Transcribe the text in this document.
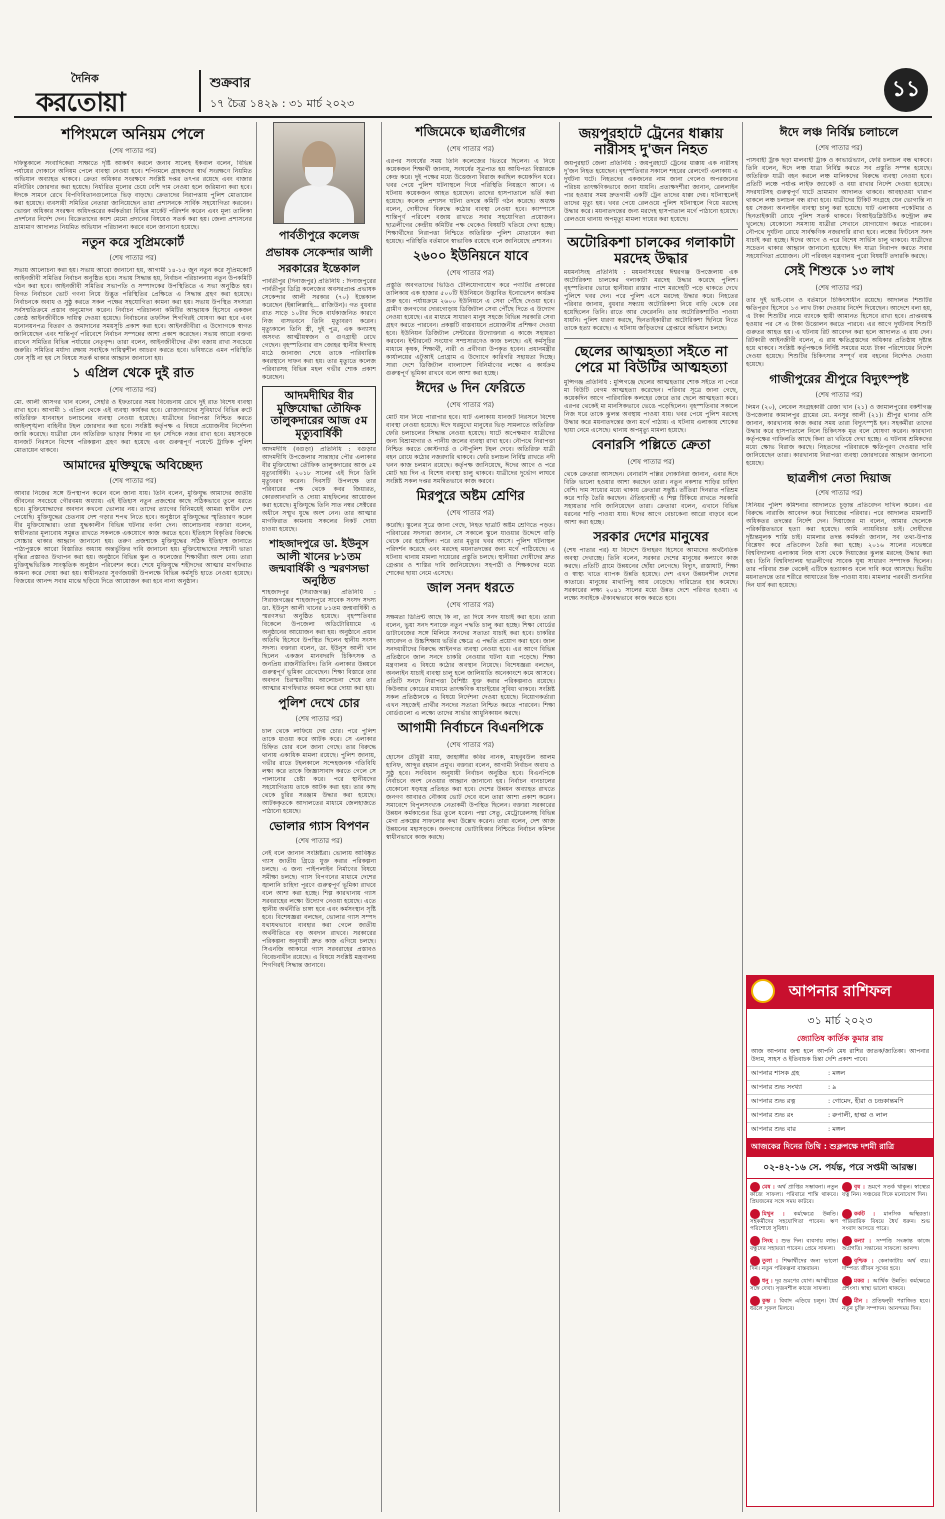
দৈনিক
করতোয়া
শুক্রবার
১৭ চৈত্র ১৪২৯ : ৩১ মার্চ ২০২৩
১১
শপিংমলে অনিয়ম পেলে
(শেষ পাতার পর)

দফিন্তুকালে সংবাদিকেরা সাক্ষাতে দৃষ্টি আকর্ষণ করলে জনাব সালেহ ইকবাল বলেন, বিভিন্ন পর্যায়ের দোকানে অনিয়ম পেলে ব্যবস্থা নেওয়া হবে। শপিংমলে গ্রাহকদের স্বার্থ সংরক্ষণে নিয়মিত অভিযান অব্যাহত থাকবে। ক্রেতা অধিকার সংরক্ষণে সংশ্লিষ্ট দপ্তর তৎপর রয়েছে এবং বাজার মনিটরিং জোরদার করা হয়েছে। নির্ধারিত মূল্যের চেয়ে বেশি দাম নেওয়া হলে জরিমানা করা হবে। ঈদকে সামনে রেখে বিপণিবিতানগুলোতে ভিড় বাড়ছে। ক্রেতাদের নিরাপত্তায় পুলিশ মোতায়েন করা হয়েছে। ব্যবসায়ী সমিতির নেতারা জানিয়েছেন তারা প্রশাসনকে সার্বিক সহযোগিতা করবেন। ভোক্তা অধিকার সংরক্ষণ অধিদপ্তরের কর্মকর্তারা বিভিন্ন মার্কেট পরিদর্শন করেন এবং মূল্য তালিকা প্রদর্শনের নির্দেশ দেন। বিক্রেতাদের ক্যাশ মেমো প্রদানের বিষয়েও সতর্ক করা হয়। জেলা প্রশাসনের ভ্রাম্যমাণ আদালত নিয়মিত অভিযান পরিচালনা করবে বলে জানানো হয়েছে।

নতুন করে সুপ্রিমকোর্ট
(শেষ পাতার পর)

সভায় আলোচনা করা হয়। সভায় আরো জানানো হয়, আগামী ১৪-১৫ জুন নতুন করে সুপ্রিমকোর্ট আইনজীবী সমিতির নির্বাচন অনুষ্ঠিত হবে। সভায় সিদ্ধান্ত হয়, নির্বাচন পরিচালনায় নতুন উপকমিটি গঠন করা হবে। আইনজীবী সমিতির সভাপতি ও সম্পাদকের উপস্থিতিতে এ সভা অনুষ্ঠিত হয়। বিগত নির্বাচনে ভোট গণনা নিয়ে উদ্ভূত পরিস্থিতির প্রেক্ষিতে এ সিদ্ধান্ত গ্রহণ করা হয়েছে। নির্বাচনকে অবাধ ও সুষ্ঠু করতে সকল পক্ষের সহযোগিতা কামনা করা হয়। সভায় উপস্থিত সদস্যরা সর্বসম্মতিক্রমে প্রস্তাব অনুমোদন করেন। নির্বাচন পরিচালনা কমিটির আহ্বায়ক হিসেবে একজন জ্যেষ্ঠ আইনজীবীকে দায়িত্ব দেওয়া হয়েছে। নির্বাচনের তফসিল শিগগিরই ঘোষণা করা হবে এবং মনোনয়নপত্র বিতরণ ও জমাদানের সময়সূচি প্রকাশ করা হবে। আইনজীবীরা এ উদ্যোগকে স্বাগত জানিয়েছেন এবং শান্তিপূর্ণ পরিবেশে নির্বাচন সম্পন্নের আশা প্রকাশ করেছেন। সভায় আরো বক্তব্য রাখেন সমিতির বিভিন্ন পর্যায়ের নেতৃবৃন্দ। তারা বলেন, আইনজীবীদের ঐক্য বজায় রাখা সবচেয়ে জরুরি। সমিতির মর্যাদা রক্ষায় সবাইকে দায়িত্বশীল আচরণ করতে হবে। ভবিষ্যতে এমন পরিস্থিতি যেন সৃষ্টি না হয় সে বিষয়ে সতর্ক থাকার আহ্বান জানানো হয়।

১ এপ্রিল থেকে দুই রাত
(শেষ পাতার পর)

মো. আলী আসগর খান বলেন, সেহরি ও ইফতারের সময় বিবেচনায় রেখে দুই রাত বিশেষ ব্যবস্থা রাখা হবে। আগামী ১ এপ্রিল থেকে এই ব্যবস্থা কার্যকর হবে। রোজাদারদের সুবিধার্থে বিভিন্ন রুটে অতিরিক্ত যানবাহন চলাচলের ব্যবস্থা নেওয়া হয়েছে। যাত্রীদের নিরাপত্তা নিশ্চিত করতে আইনশৃঙ্খলা বাহিনীর টহল জোরদার করা হবে। সংশ্লিষ্ট কর্তৃপক্ষ এ বিষয়ে প্রয়োজনীয় নির্দেশনা জারি করেছে। যাত্রীরা যেন অতিরিক্ত ভাড়ার শিকার না হন সেদিকে নজর রাখা হবে। মহাসড়কে যানজট নিরসনে বিশেষ পরিকল্পনা গ্রহণ করা হয়েছে এবং গুরুত্বপূর্ণ পয়েন্টে ট্রাফিক পুলিশ মোতায়েন থাকবে।

আমাদের মুক্তিযুদ্ধে অবিচ্ছেদ্য
(শেষ পাতার পর)

আবার নিজের সঙ্গে উপস্থাপন করেন বলে জানা যায়। তিনি বলেন, মুক্তিযুদ্ধ আমাদের জাতীয় জীবনের সবচেয়ে গৌরবময় অধ্যায়। এই ইতিহাস নতুন প্রজন্মের কাছে সঠিকভাবে তুলে ধরতে হবে। মুক্তিযোদ্ধাদের অবদান কখনো ভোলার নয়। তাদের ত্যাগের বিনিময়েই আমরা স্বাধীন দেশ পেয়েছি। মুক্তিযুদ্ধের চেতনায় দেশ গড়ার শপথ নিতে হবে। অনুষ্ঠানে মুক্তিযুদ্ধের স্মৃতিচারণ করেন বীর মুক্তিযোদ্ধারা। তারা যুদ্ধকালীন বিভিন্ন ঘটনার বর্ণনা দেন। আলোচনায় বক্তারা বলেন, স্বাধীনতার মূল্যবোধ সমুন্নত রাখতে সকলকে একযোগে কাজ করতে হবে। ইতিহাস বিকৃতির বিরুদ্ধে সোচ্চার থাকার আহ্বান জানানো হয়। তরুণ প্রজন্মকে মুক্তিযুদ্ধের সঠিক ইতিহাস জানাতে পাঠ্যপুস্তকে আরো বিস্তারিত অধ্যায় অন্তর্ভুক্তির দাবি জানানো হয়। মুক্তিযোদ্ধাদের সম্মানী ভাতা বৃদ্ধির প্রস্তাবও উত্থাপন করা হয়। অনুষ্ঠানে বিভিন্ন স্কুল ও কলেজের শিক্ষার্থীরা অংশ নেয়। তারা মুক্তিযুদ্ধভিত্তিক সাংস্কৃতিক অনুষ্ঠান পরিবেশন করে। শেষে মুক্তিযুদ্ধে শহীদদের আত্মার মাগফিরাত কামনা করে দোয়া করা হয়। স্বাধীনতার সুবর্ণজয়ন্তী উপলক্ষে বিভিন্ন কর্মসূচি হাতে নেওয়া হয়েছে। বিজয়ের আনন্দ সবার মাঝে ছড়িয়ে দিতে আয়োজন করা হবে নানা অনুষ্ঠান।

পার্বতীপুরে কলেজ
প্রভাষক সেকেন্দার আলী
সরকারের ইন্তেকাল

পার্বতীপুর (দিনাজপুর) প্রতিনিধি : দিনাজপুরের পার্বতীপুর ডিগ্রি কলেজের অবসরপ্রাপ্ত প্রভাষক সেকেন্দার আলী সরকার (৭০) ইন্তেকাল করেছেন (ইন্নালিল্লাহি... রাজিউন)। গত বুধবার রাত সাড়ে ১০টার দিকে বার্ধক্যজনিত কারণে নিজ বাসভবনে তিনি মৃত্যুবরণ করেন। মৃত্যুকালে তিনি স্ত্রী, দুই পুত্র, এক কন্যাসহ অসংখ্য আত্মীয়স্বজন ও গুণগ্রাহী রেখে গেছেন। বৃহস্পতিবার বাদ জোহর স্থানীয় ঈদগাহ মাঠে জানাজা শেষে তাকে পারিবারিক কবরস্থানে দাফন করা হয়। তার মৃত্যুতে কলেজ পরিবারসহ বিভিন্ন মহল গভীর শোক প্রকাশ করেছেন।

আদমদীঘির বীর মুক্তিযোদ্ধা তৌফিক তালুকদারের আজ ৫ম মৃত্যুবার্ষিকী

আদমদীঘি (বগুড়া) প্রতিনিধি : বগুড়ার আদমদীঘি উপজেলার সান্তাহার পৌর এলাকার বীর মুক্তিযোদ্ধা তৌফিক তালুকদারের আজ ৫ম মৃত্যুবার্ষিকী। ২০১৮ সালের এই দিনে তিনি মৃত্যুবরণ করেন। দিবসটি উপলক্ষে তার পরিবারের পক্ষ থেকে কবর জিয়ারত, কোরআনখানি ও দোয়া মাহফিলের আয়োজন করা হয়েছে। মুক্তিযুদ্ধে তিনি সাত নম্বর সেক্টরের অধীনে সম্মুখ যুদ্ধে অংশ নেন। তার আত্মার মাগফিরাত কামনায় সকলের নিকট দোয়া চাওয়া হয়েছে।

শাহজাদপুরে ডা. ইউনুস আলী খানের ৮১তম জন্মবার্ষিকী ও স্মরণসভা অনুষ্ঠিত

শাহজাদপুর (সিরাজগঞ্জ) প্রতিনিধি : সিরাজগঞ্জের শাহজাদপুরে সাবেক সংসদ সদস্য ডা. ইউনুস আলী খানের ৮১তম জন্মবার্ষিকী ও স্মরণসভা অনুষ্ঠিত হয়েছে। বৃহস্পতিবার বিকেলে উপজেলা অডিটোরিয়ামে এ অনুষ্ঠানের আয়োজন করা হয়। অনুষ্ঠানে প্রধান অতিথি হিসেবে উপস্থিত ছিলেন স্থানীয় সংসদ সদস্য। বক্তারা বলেন, ডা. ইউনুস আলী খান ছিলেন একজন মানবদরদি চিকিৎসক ও জনপ্রিয় রাজনীতিবিদ। তিনি এলাকার উন্নয়নে গুরুত্বপূর্ণ ভূমিকা রেখেছেন। শিক্ষা বিস্তারে তার অবদান চিরস্মরণীয়। আলোচনা শেষে তার আত্মার মাগফিরাত কামনা করে দোয়া করা হয়।

পুলিশ দেখে চোর
(শেষ পাতার পর)

চাল থেকে লাফিয়ে দেয় চোর। পরে পুলিশ তাকে ধাওয়া করে আটক করে। সে এলাকার চিহ্নিত চোর বলে জানা গেছে। তার বিরুদ্ধে থানায় একাধিক মামলা রয়েছে। পুলিশ জানায়, গভীর রাতে টহলকালে সন্দেহজনক গতিবিধি লক্ষ্য করে তাকে জিজ্ঞাসাবাদ করতে গেলে সে পালানোর চেষ্টা করে। পরে স্থানীয়দের সহযোগিতায় তাকে আটক করা হয়। তার কাছ থেকে চুরির সরঞ্জাম উদ্ধার করা হয়েছে। আটককৃতকে আদালতের মাধ্যমে জেলহাজতে পাঠানো হয়েছে।

ভোলার গ্যাস বিপণন
(শেষ পাতার পর)

নেই বলে জানান সংশ্লিষ্টরা। ভোলায় আবিষ্কৃত গ্যাস জাতীয় গ্রিডে যুক্ত করার পরিকল্পনা চলছে। এ জন্য পাইপলাইন নির্মাণের বিষয়ে সমীক্ষা চলছে। গ্যাস বিপণনের মাধ্যমে দেশের জ্বালানি চাহিদা পূরণে গুরুত্বপূর্ণ ভূমিকা রাখবে বলে আশা করা হচ্ছে। শিল্প কারখানায় গ্যাস সরবরাহের লক্ষ্যে উদ্যোগ নেওয়া হয়েছে। এতে স্থানীয় অর্থনীতি চাঙ্গা হবে এবং কর্মসংস্থান সৃষ্টি হবে। বিশেষজ্ঞরা বলছেন, ভোলার গ্যাস সম্পদ যথাযথভাবে ব্যবহার করা গেলে জাতীয় অর্থনীতিতে বড় অবদান রাখবে। সরকারের পরিকল্পনা অনুযায়ী দ্রুত কাজ এগিয়ে চলছে। সিএনজি আকারে গ্যাস সরবরাহের প্রস্তাবও বিবেচনাধীন রয়েছে। এ বিষয়ে সংশ্লিষ্ট মন্ত্রণালয় শিগগিরই সিদ্ধান্ত জানাবে।

শজিমেকে ছাত্রলীগের
(শেষ পাতার পর)

এরপর সংঘর্ষের সময় তিনি কলেজের ভিতরে ছিলেন। এ নিয়ে কয়েকজন শিক্ষার্থী জানায়, সংঘর্ষের সূত্রপাত হয় আধিপত্য বিস্তারকে কেন্দ্র করে। দুই পক্ষের মধ্যে উত্তেজনা বিরাজ করছিল কয়েকদিন ধরে। খবর পেয়ে পুলিশ ঘটনাস্থলে গিয়ে পরিস্থিতি নিয়ন্ত্রণে আনে। এ ঘটনায় কয়েকজন আহত হয়েছেন। তাদের হাসপাতালে ভর্তি করা হয়েছে। কলেজ প্রশাসন ঘটনা তদন্তে কমিটি গঠন করেছে। অধ্যক্ষ বলেন, দোষীদের বিরুদ্ধে কঠোর ব্যবস্থা নেওয়া হবে। ক্যাম্পাসে শান্তিপূর্ণ পরিবেশ বজায় রাখতে সবার সহযোগিতা প্রয়োজন। ছাত্রলীগের কেন্দ্রীয় কমিটির পক্ষ থেকেও বিষয়টি খতিয়ে দেখা হচ্ছে। শিক্ষার্থীদের নিরাপত্তা নিশ্চিতে অতিরিক্ত পুলিশ মোতায়েন করা হয়েছে। পরিস্থিতি বর্তমানে স্বাভাবিক রয়েছে বলে জানিয়েছে প্রশাসন।

২৬০০ ইউনিয়নে যাবে
(শেষ পাতার পর)

প্রস্তুতি অবগতাদের ভিডিও টেলিযোগাযোগ করে পণ্যটির প্রকারের তালিকায় এক হাজার ৫০০টি ইউনিয়নে উদ্ভাবিত ইনোভেশন কার্যক্রম শুরু হবে। পর্যায়ক্রমে ২৬০০ ইউনিয়নে এ সেবা পৌঁছে দেওয়া হবে। গ্রামীণ জনগণের দোরগোড়ায় ডিজিটাল সেবা পৌঁছে দিতে এ উদ্যোগ নেওয়া হয়েছে। এর মাধ্যমে সাধারণ মানুষ সহজে বিভিন্ন সরকারি সেবা গ্রহণ করতে পারবেন। প্রকল্পটি বাস্তবায়নে প্রয়োজনীয় প্রশিক্ষণ দেওয়া হবে। ইউনিয়ন ডিজিটাল সেন্টারের উদ্যোক্তারা এ কাজে সহায়তা করবেন। ইন্টারনেট সংযোগ সম্প্রসারণেও কাজ চলছে। এই কর্মসূচির মাধ্যমে কৃষক, শিক্ষার্থী, নারী ও প্রবীণরা উপকৃত হবেন। প্রধানমন্ত্রীর কার্যালয়ের এটুআই প্রোগ্রাম এ উদ্যোগে কারিগরি সহায়তা দিচ্ছে। সারা দেশে ডিজিটাল বাংলাদেশ বিনির্মাণের লক্ষ্যে এ কার্যক্রম গুরুত্বপূর্ণ ভূমিকা রাখবে বলে আশা করা হচ্ছে।

ঈদের ৬ দিন ফেরিতে
(শেষ পাতার পর)

মোট যান নিয়ে পারাপার হবে। ঘাট এলাকায় যানজট নিরসনে বিশেষ ব্যবস্থা নেওয়া হয়েছে। ঈদে ঘরমুখো মানুষের ভিড় সামলাতে অতিরিক্ত ফেরি চলাচলের সিদ্ধান্ত নেওয়া হয়েছে। ঘাটে অপেক্ষমাণ যাত্রীদের জন্য বিশ্রামাগার ও পানীয় জলের ব্যবস্থা রাখা হবে। নৌপথে নিরাপত্তা নিশ্চিত করতে কোস্টগার্ড ও নৌপুলিশ টহল দেবে। অতিরিক্ত যাত্রী বহন রোধে কঠোর নজরদারি থাকবে। ফেরি চলাচল নির্বিঘ্ন রাখতে নদী খনন কাজ চলমান রয়েছে। কর্তৃপক্ষ জানিয়েছে, ঈদের আগে ও পরে মোট ছয় দিন এ বিশেষ ব্যবস্থা চালু থাকবে। যাত্রীদের দুর্ভোগ লাঘবে সংশ্লিষ্ট সকল দপ্তর সমন্বিতভাবে কাজ করবে।

মিরপুরে অষ্টম শ্রেণির
(শেষ পাতার পর)

করেছি। স্কুলের সূত্রে জানা গেছে, নিহত ছাত্রটি অষ্টম শ্রেণিতে পড়ত। পরিবারের সদস্যরা জানান, সে সকালে স্কুলে যাওয়ার উদ্দেশে বাড়ি থেকে বের হয়েছিল। পরে তার মৃত্যুর খবর আসে। পুলিশ ঘটনাস্থল পরিদর্শন করেছে এবং মরদেহ ময়নাতদন্তের জন্য মর্গে পাঠিয়েছে। এ ঘটনায় থানায় মামলা দায়েরের প্রস্তুতি চলছে। স্থানীয়রা দোষীদের দ্রুত গ্রেপ্তার ও শাস্তির দাবি জানিয়েছেন। সহপাঠী ও শিক্ষকদের মধ্যে শোকের ছায়া নেমে এসেছে।

জাল সনদ ধরতে
(শেষ পাতার পর)

সক্ষমতা ডিপ্রিন্ট আছে কি না, তা দিয়ে সনদ যাচাই করা হবে। তারা বলেন, ভুয়া সনদ শনাক্তে নতুন পদ্ধতি চালু করা হচ্ছে। শিক্ষা বোর্ডের ডাটাবেজের সঙ্গে মিলিয়ে সনদের সত্যতা যাচাই করা হবে। চাকরির আবেদন ও উচ্চশিক্ষায় ভর্তির ক্ষেত্রে এ পদ্ধতি প্রয়োগ করা হবে। জাল সনদধারীদের বিরুদ্ধে আইনগত ব্যবস্থা নেওয়া হবে। এর আগে বিভিন্ন প্রতিষ্ঠানে জাল সনদে চাকরি নেওয়ার ঘটনা ধরা পড়েছে। শিক্ষা মন্ত্রণালয় এ বিষয়ে কঠোর অবস্থান নিয়েছে। বিশেষজ্ঞরা বলছেন, অনলাইন যাচাই ব্যবস্থা চালু হলে জালিয়াতি অনেকাংশে কমে আসবে। প্রতিটি সনদে নিরাপত্তা বৈশিষ্ট্য যুক্ত করার পরিকল্পনাও রয়েছে। কিউআর কোডের মাধ্যমে তাৎক্ষণিক যাচাইয়ের সুবিধা থাকবে। সংশ্লিষ্ট সকল প্রতিষ্ঠানকে এ বিষয়ে নির্দেশনা দেওয়া হয়েছে। নিয়োগকর্তারা এখন সহজেই প্রার্থীর সনদের সত্যতা নিশ্চিত করতে পারবেন। শিক্ষা বোর্ডগুলো এ লক্ষ্যে তাদের সার্ভার আধুনিকায়ন করছে।

আগামী নির্বাচনে বিএনপিকে
(শেষ পাতার পর)

হোসেন চৌধুরী মায়া, জাহাঙ্গীর কবির নানক, মাহবুবউল আলম হানিফ, আব্দুর রহমান প্রমুখ। বক্তারা বলেন, আগামী নির্বাচন অবাধ ও সুষ্ঠু হবে। সংবিধান অনুযায়ী নির্বাচন অনুষ্ঠিত হবে। বিএনপিকে নির্বাচনে অংশ নেওয়ার আহ্বান জানানো হয়। নির্বাচন বানচালের যেকোনো ষড়যন্ত্র প্রতিহত করা হবে। দেশের উন্নয়ন অব্যাহত রাখতে জনগণ আবারও নৌকায় ভোট দেবে বলে তারা আশা প্রকাশ করেন। সমাবেশে বিপুলসংখ্যক নেতাকর্মী উপস্থিত ছিলেন। বক্তারা সরকারের উন্নয়ন কর্মকাণ্ডের চিত্র তুলে ধরেন। পদ্মা সেতু, মেট্রোরেলসহ বিভিন্ন মেগা প্রকল্পের সাফল্যের কথা উল্লেখ করেন। তারা বলেন, দেশ আজ উন্নয়নের মহাসড়কে। জনগণের ভোটাধিকার নিশ্চিতে নির্বাচন কমিশন স্বাধীনভাবে কাজ করছে।

জয়পুরহাটে ট্রেনের ধাক্কায় নারীসহ দু'জন নিহত

জয়পুরহাট জেলা প্রতিনিধি : জয়পুরহাটে ট্রেনের ধাক্কায় এক নারীসহ দু'জন নিহত হয়েছেন। বৃহস্পতিবার সকালে শহরের রেলগেট এলাকায় এ দুর্ঘটনা ঘটে। নিহতদের একজনের নাম জানা গেলেও অপরজনের পরিচয় তাৎক্ষণিকভাবে জানা যায়নি। প্রত্যক্ষদর্শীরা জানান, রেললাইন পার হওয়ার সময় দ্রুতগামী একটি ট্রেন তাদের ধাক্কা দেয়। ঘটনাস্থলেই তাদের মৃত্যু হয়। খবর পেয়ে রেলওয়ে পুলিশ ঘটনাস্থলে গিয়ে মরদেহ উদ্ধার করে। ময়নাতদন্তের জন্য মরদেহ হাসপাতাল মর্গে পাঠানো হয়েছে। রেলওয়ে থানায় অপমৃত্যু মামলা দায়ের করা হয়েছে।

অটোরিকশা চালকের গলাকাটা মরদেহ উদ্ধার

ময়মনসিংহ প্রতিনিধি : ময়মনসিংহের ঈশ্বরগঞ্জ উপজেলায় এক অটোরিকশা চালকের গলাকাটা মরদেহ উদ্ধার করেছে পুলিশ। বৃহস্পতিবার ভোরে স্থানীয়রা রাস্তার পাশে মরদেহটি পড়ে থাকতে দেখে পুলিশে খবর দেন। পরে পুলিশ এসে মরদেহ উদ্ধার করে। নিহতের পরিবার জানায়, বুধবার সন্ধ্যায় অটোরিকশা নিয়ে বাড়ি থেকে বের হয়েছিলেন তিনি। রাতে আর ফেরেননি। তার অটোরিকশাটিও পাওয়া যায়নি। পুলিশ ধারণা করছে, ছিনতাইকারীরা অটোরিকশা ছিনিয়ে নিতে তাকে হত্যা করেছে। এ ঘটনায় জড়িতদের গ্রেপ্তারে অভিযান চলছে।

ছেলের আত্মহত্যা সইতে না পেরে মা বিউটির আত্মহত্যা

মুন্সিগঞ্জ প্রতিনিধি : মুন্সিগঞ্জে ছেলের আত্মহত্যার শোক সইতে না পেরে মা বিউটি বেগম আত্মহত্যা করেছেন। পরিবার সূত্রে জানা গেছে, কয়েকদিন আগে পারিবারিক কলহের জেরে তার ছেলে আত্মহত্যা করে। এরপর থেকেই মা মানসিকভাবে ভেঙে পড়েছিলেন। বৃহস্পতিবার সকালে নিজ ঘরে তাকে ঝুলন্ত অবস্থায় পাওয়া যায়। খবর পেয়ে পুলিশ মরদেহ উদ্ধার করে ময়নাতদন্তের জন্য মর্গে পাঠায়। এ ঘটনায় এলাকায় শোকের ছায়া নেমে এসেছে। থানায় অপমৃত্যু মামলা হয়েছে।

বেনারসি পল্লিতে ক্রেতা
(শেষ পাতার পর)

থেকে ক্রেতারা আসছেন। বেনারসি পল্লির দোকানিরা জানান, এবার ঈদে বিক্রি ভালো হওয়ার আশা করছেন তারা। নতুন নকশার শাড়ির চাহিদা বেশি। দাম সাধ্যের মধ্যে থাকায় ক্রেতারা সন্তুষ্ট। তাঁতিরা দিনরাত পরিশ্রম করে শাড়ি তৈরি করছেন। ঐতিহ্যবাহী এ শিল্প টিকিয়ে রাখতে সরকারি সহায়তার দাবি জানিয়েছেন তারা। ক্রেতারা বলেন, এখানে বিভিন্ন ধরনের শাড়ি পাওয়া যায়। ঈদের আগে বেচাকেনা আরো বাড়বে বলে আশা করা হচ্ছে।

সরকার দেশের মানুষের

(শেষ পাতার পর) যা বিদেশে উদাহরণ হিসেবে আমাদের অর্থনৈতিক অবস্থা দেখাচ্ছে। তিনি বলেন, সরকার দেশের মানুষের কল্যাণে কাজ করছে। প্রতিটি গ্রামে উন্নয়নের ছোঁয়া লেগেছে। বিদ্যুৎ, রাস্তাঘাট, শিক্ষা ও স্বাস্থ্য খাতে ব্যাপক উন্নতি হয়েছে। দেশ এখন উন্নয়নশীল দেশের কাতারে। মানুষের মাথাপিছু আয় বেড়েছে। দারিদ্র্যের হার কমেছে। সরকারের লক্ষ্য ২০৪১ সালের মধ্যে উন্নত দেশে পরিণত হওয়া। এ লক্ষ্যে সবাইকে ঐক্যবদ্ধভাবে কাজ করতে হবে।

ঈদে লঞ্চ নির্বিঘ্ন চলাচলে
(শেষ পাতার পর)

পাসবাহী ট্রাক ছড়া মালবাহী ট্রাক ও কাভার্ডভ্যান, ফেরি চলাচল বন্ধ থাকবে। তিনি বলেন, ঈদে লঞ্চ যাত্রা নির্বিঘ্ন করতে সব প্রস্তুতি সম্পন্ন হয়েছে। অতিরিক্ত যাত্রী বহন করলে লঞ্চ মালিকদের বিরুদ্ধে ব্যবস্থা নেওয়া হবে। প্রতিটি লঞ্চে পর্যাপ্ত লাইফ জ্যাকেট ও বয়া রাখার নির্দেশ দেওয়া হয়েছে। সদরঘাটসহ গুরুত্বপূর্ণ ঘাটে ভ্রাম্যমাণ আদালত থাকবে। আবহাওয়া খারাপ থাকলে লঞ্চ চলাচল বন্ধ রাখা হবে। যাত্রীদের টিকিট সংগ্রহে যেন ভোগান্তি না হয় সেজন্য অনলাইন ব্যবস্থা চালু করা হয়েছে। ঘাট এলাকায় পকেটমার ও ছিনতাইকারী রোধে পুলিশ সতর্ক থাকবে। বিআইডব্লিউটিএ কন্ট্রোল রুম খুলেছে। যেকোনো সমস্যায় যাত্রীরা সেখানে যোগাযোগ করতে পারবেন। নৌপথে দুর্ঘটনা রোধে সার্বক্ষণিক নজরদারি রাখা হবে। লঞ্চের ফিটনেস সনদ যাচাই করা হচ্ছে। ঈদের আগে ও পরে বিশেষ সার্ভিস চালু থাকবে। যাত্রীদের সচেতন থাকার আহ্বান জানানো হয়েছে। ঈদ যাত্রা নিরাপদ করতে সবার সহযোগিতা প্রয়োজন। নৌ পরিবহন মন্ত্রণালয় পুরো বিষয়টি তদারকি করছে।

সেই শিশুকে ১৩ লাখ
(শেষ পাতার পর)

তার দুই ভাই-বোন ও বর্তমানে চিকিৎসাধীন রয়েছে। আদালত শিশুটির ক্ষতিপূরণ হিসেবে ১৩ লাখ টাকা দেওয়ার নির্দেশ দিয়েছেন। আদেশে বলা হয়, এ টাকা শিশুটির নামে ব্যাংকে স্থায়ী আমানত হিসেবে রাখা হবে। প্রাপ্তবয়স্ক হওয়ার পর সে এ টাকা উত্তোলন করতে পারবে। এর আগে দুর্ঘটনায় শিশুটি গুরুতর আহত হয়। এ ঘটনায় রিট আবেদন করা হলে আদালত এ রায় দেন। রিটকারী আইনজীবী বলেন, এ রায় ক্ষতিগ্রস্তদের অধিকার প্রতিষ্ঠায় দৃষ্টান্ত হয়ে থাকবে। সংশ্লিষ্ট কর্তৃপক্ষকে নির্দিষ্ট সময়ের মধ্যে টাকা পরিশোধের নির্দেশ দেওয়া হয়েছে। শিশুটির চিকিৎসার সম্পূর্ণ ব্যয় বহনের নির্দেশও দেওয়া হয়েছে।

গাজীপুরের শ্রীপুরে বিদ্যুৎস্পৃষ্ট
(শেষ পাতার পর)

লিমন (২০), লেবেল সংগ্রহকারী রেজা খান (২১) ও জামালপুরের বকশীগঞ্জ উপজেলার কামালপুর গ্রামের মো. মনসুর আলী (২১)। শ্রীপুর থানার ওসি জানান, কারখানায় কাজ করার সময় তারা বিদ্যুৎস্পৃষ্ট হন। সহকর্মীরা তাদের উদ্ধার করে হাসপাতালে নিলে চিকিৎসক মৃত বলে ঘোষণা করেন। কারখানা কর্তৃপক্ষের গাফিলতি আছে কিনা তা খতিয়ে দেখা হচ্ছে। এ ঘটনায় শ্রমিকদের মধ্যে ক্ষোভ বিরাজ করছে। নিহতদের পরিবারকে ক্ষতিপূরণ দেওয়ার দাবি জানিয়েছেন তারা। কারখানায় নিরাপত্তা ব্যবস্থা জোরদারের আহ্বান জানানো হয়েছে।

ছাত্রলীগ নেতা দিয়াজ
(শেষ পাতার পর)

সিনিয়র পুলিশ কমিশনার আদালতে চূড়ান্ত প্রতিবেদন দাখিল করেন। এর বিরুদ্ধে নারাজি আবেদন করে দিয়াজের পরিবার। পরে আদালত মামলাটি অধিকতর তদন্তের নির্দেশ দেন। দিয়াজের মা বলেন, আমার ছেলেকে পরিকল্পিতভাবে হত্যা করা হয়েছে। আমি ন্যায়বিচার চাই। দোষীদের দৃষ্টান্তমূলক শাস্তি চাই। মামলার তদন্ত কর্মকর্তা জানান, সব তথ্য-উপাত্ত বিশ্লেষণ করে প্রতিবেদন তৈরি করা হচ্ছে। ২০১৬ সালের নভেম্বরে বিশ্ববিদ্যালয় এলাকায় নিজ বাসা থেকে দিয়াজের ঝুলন্ত মরদেহ উদ্ধার করা হয়। তিনি বিশ্ববিদ্যালয় ছাত্রলীগের সাবেক যুগ্ম সাধারণ সম্পাদক ছিলেন। তার পরিবার শুরু থেকেই এটিকে হত্যাকাণ্ড বলে দাবি করে আসছে। দ্বিতীয় ময়নাতদন্তে তার শরীরে আঘাতের চিহ্ন পাওয়া যায়। মামলার পরবর্তী শুনানির দিন ধার্য করা হয়েছে।

আপনার রাশিফল
৩১ মার্চ ২০২৩
জ্যোতিষ কার্তিক কুমার রায়
আজ আপনার জন্ম হলে আপনি মেষ রাশির জাতক/জাতিকা। আপনার উদ্যম, সাহস ও ইতিবাচক চিন্তা দেশি প্রকাশ পাবে।
আপনার শাসক গ্রহ	: মঙ্গল
আপনার শুভ সংখ্যা	: ৯
আপনার শুভ রত্ন	: গোমেদ, হীরা ও চন্দ্রকান্তমণি
আপনার শুভ রং	: রুপালী, হাল্কা ও লাল
আপনার শুভ বার	: মঙ্গল
আজকের দিনের তিথি : শুক্লপক্ষে দশমী রাত্রি
০২-৪২-১৬ সে. পর্যন্ত, পরে সপ্তমী আরম্ভ।
মেষ : অর্থ প্রাপ্তির সম্ভাবনা। নতুন কাজে সাফল্য। পরিবারে শান্তি থাকবে। প্রিয়জনের সঙ্গে সময় কাটবে।
বৃষ : ভ্রমণে সতর্ক থাকুন। স্বাস্থ্যের যত্ন নিন। সঞ্চয়ের দিকে মনোযোগ দিন।
মিথুন : কর্মক্ষেত্রে উন্নতি। সহকর্মীদের সহযোগিতা পাবেন। ঋণ পরিশোধে সুবিধা।
কর্কট : মানসিক অস্থিরতা। পারিবারিক বিষয়ে ধৈর্য ধরুন। শুভ সংবাদ আসতে পারে।
সিংহ : শুভ দিন। ব্যবসায় লাভ। বন্ধুদের সহায়তা পাবেন। প্রেমে সাফল্য।
কন্যা : সম্পত্তি সংক্রান্ত কাজে অগ্রগতি। সন্তানের সাফল্যে আনন্দ।
তুলা : শিক্ষার্থীদের জন্য ভালো দিন। নতুন পরিকল্পনা বাস্তবায়ন।
বৃশ্চিক : কেনাকাটায় অর্থ ব্যয়। দাম্পত্য জীবন সুখের হবে।
ধনু : দূর ভ্রমণের যোগ। আত্মীয়ের সঙ্গে দেখা। সৃজনশীল কাজে সাফল্য।
মকর : আর্থিক উন্নতি। কর্মক্ষেত্রে প্রশংসা। স্বাস্থ্য ভালো থাকবে।
কুম্ভ : বিবাদ এড়িয়ে চলুন। ধৈর্য ধরলে সুফল মিলবে।
মীন : প্রতিদ্বন্দ্বী পরাজিত হবে। নতুন চুক্তি সম্পাদন। আনন্দময় দিন।
